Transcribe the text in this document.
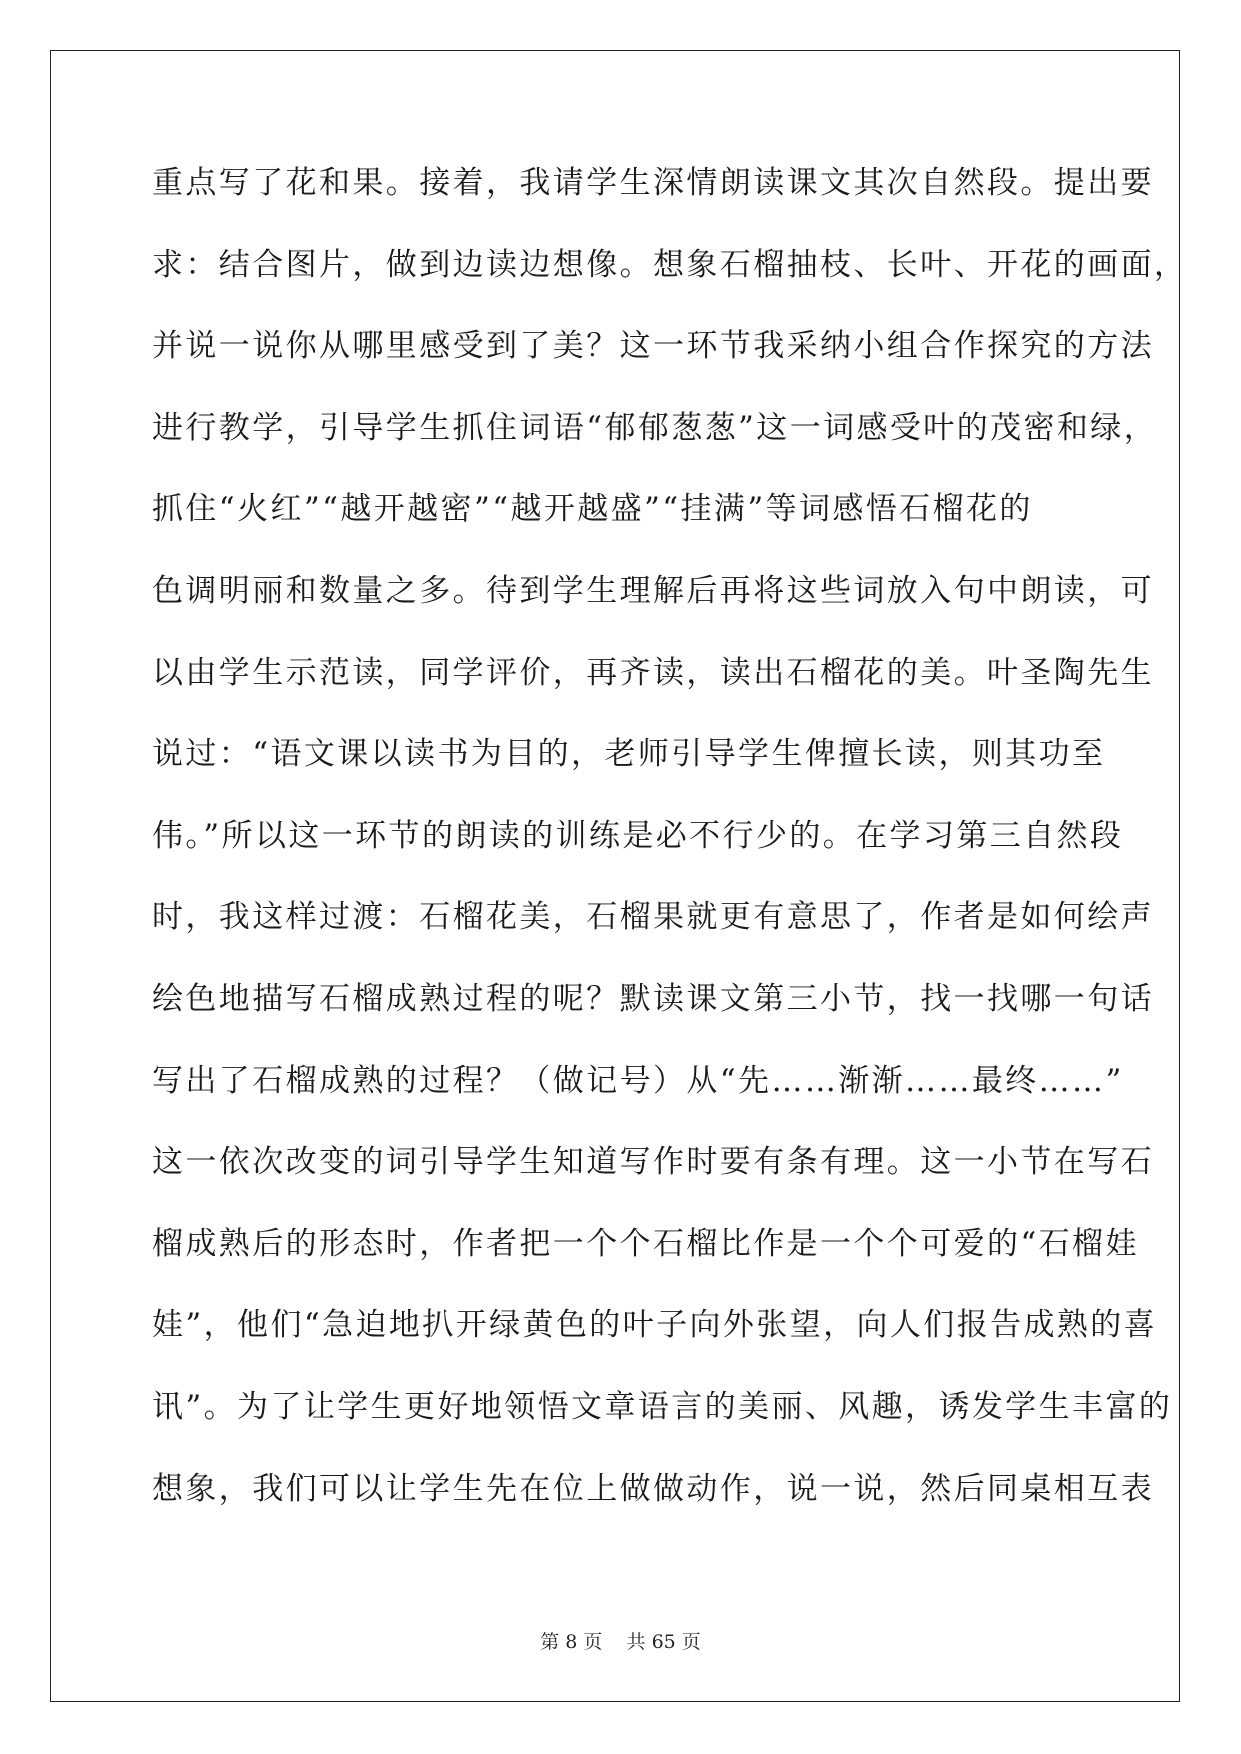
重点写了花和果。接着，我请学生深情朗读课文其次自然段。提出要
求：结合图片，做到边读边想像。想象石榴抽枝、长叶、开花的画面，
并说一说你从哪里感受到了美？这一环节我采纳小组合作探究的方法
进行教学，引导学生抓住词语“郁郁葱葱”这一词感受叶的茂密和绿，
抓住“火红”“越开越密”“越开越盛”“挂满”等词感悟石榴花的
色调明丽和数量之多。待到学生理解后再将这些词放入句中朗读，可
以由学生示范读，同学评价，再齐读，读出石榴花的美。叶圣陶先生
说过：“语文课以读书为目的，老师引导学生俾擅长读，则其功至
伟。”所以这一环节的朗读的训练是必不行少的。在学习第三自然段
时，我这样过渡：石榴花美，石榴果就更有意思了，作者是如何绘声
绘色地描写石榴成熟过程的呢？默读课文第三小节，找一找哪一句话
写出了石榴成熟的过程？（做记号）从“先……渐渐……最终……”
这一依次改变的词引导学生知道写作时要有条有理。这一小节在写石
榴成熟后的形态时，作者把一个个石榴比作是一个个可爱的“石榴娃
娃”，他们“急迫地扒开绿黄色的叶子向外张望，向人们报告成熟的喜
讯”。为了让学生更好地领悟文章语言的美丽、风趣，诱发学生丰富的
想象，我们可以让学生先在位上做做动作，说一说，然后同桌相互表
第 8 页    共 65 页
